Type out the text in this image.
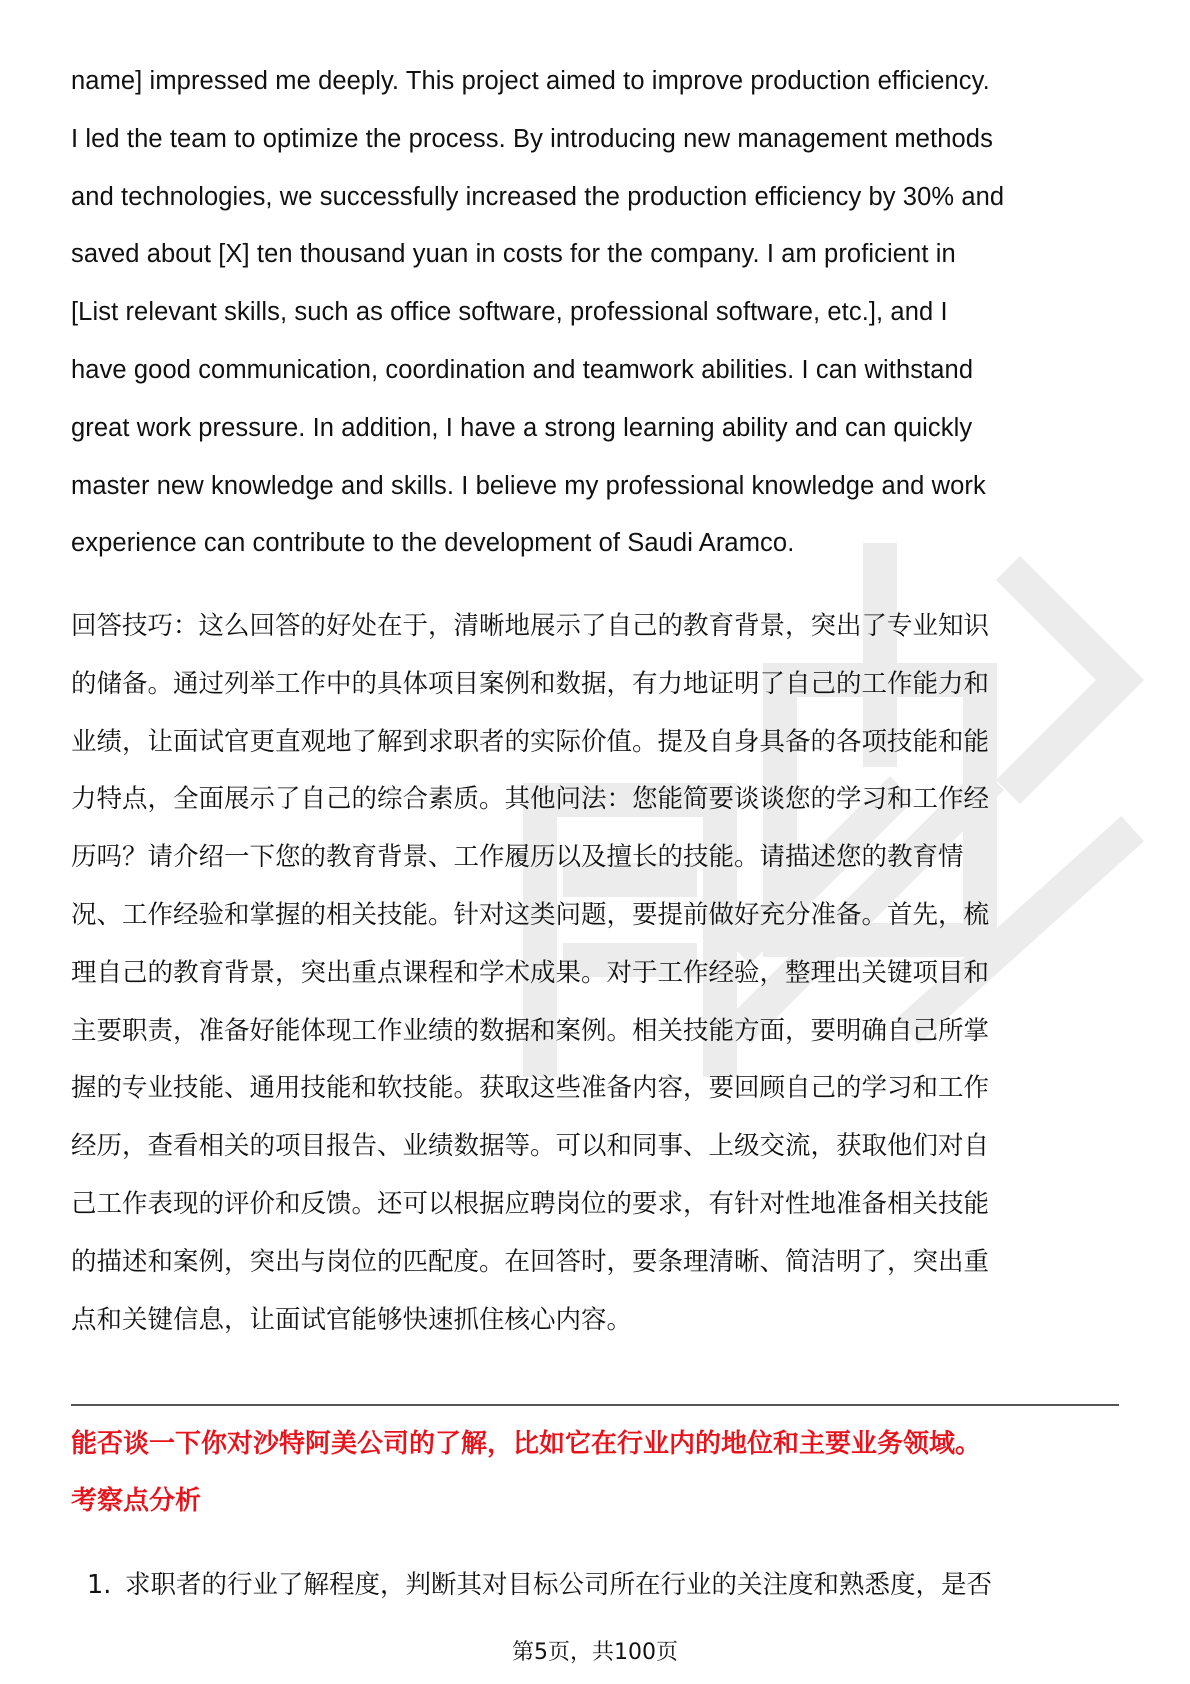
name] impressed me deeply. This project aimed to improve production efficiency.
I led the team to optimize the process. By introducing new management methods
and technologies, we successfully increased the production efficiency by 30% and
saved about [X] ten thousand yuan in costs for the company. I am proficient in
[List relevant skills, such as office software, professional software, etc.], and I
have good communication, coordination and teamwork abilities. I can withstand
great work pressure. In addition, I have a strong learning ability and can quickly
master new knowledge and skills. I believe my professional knowledge and work
experience can contribute to the development of Saudi Aramco.
回答技巧：这么回答的好处在于，清晰地展示了自己的教育背景，突出了专业知识
的储备。通过列举工作中的具体项目案例和数据，有力地证明了自己的工作能力和
业绩，让面试官更直观地了解到求职者的实际价值。提及自身具备的各项技能和能
力特点，全面展示了自己的综合素质。其他问法：您能简要谈谈您的学习和工作经
历吗？请介绍一下您的教育背景、工作履历以及擅长的技能。请描述您的教育情
况、工作经验和掌握的相关技能。针对这类问题，要提前做好充分准备。首先，梳
理自己的教育背景，突出重点课程和学术成果。对于工作经验，整理出关键项目和
主要职责，准备好能体现工作业绩的数据和案例。相关技能方面，要明确自己所掌
握的专业技能、通用技能和软技能。获取这些准备内容，要回顾自己的学习和工作
经历，查看相关的项目报告、业绩数据等。可以和同事、上级交流，获取他们对自
己工作表现的评价和反馈。还可以根据应聘岗位的要求，有针对性地准备相关技能
的描述和案例，突出与岗位的匹配度。在回答时，要条理清晰、简洁明了，突出重
点和关键信息，让面试官能够快速抓住核心内容。
能否谈一下你对沙特阿美公司的了解，比如它在行业内的地位和主要业务领域。
考察点分析
1. 求职者的行业了解程度，判断其对目标公司所在行业的关注度和熟悉度，是否
第5页，共100页
